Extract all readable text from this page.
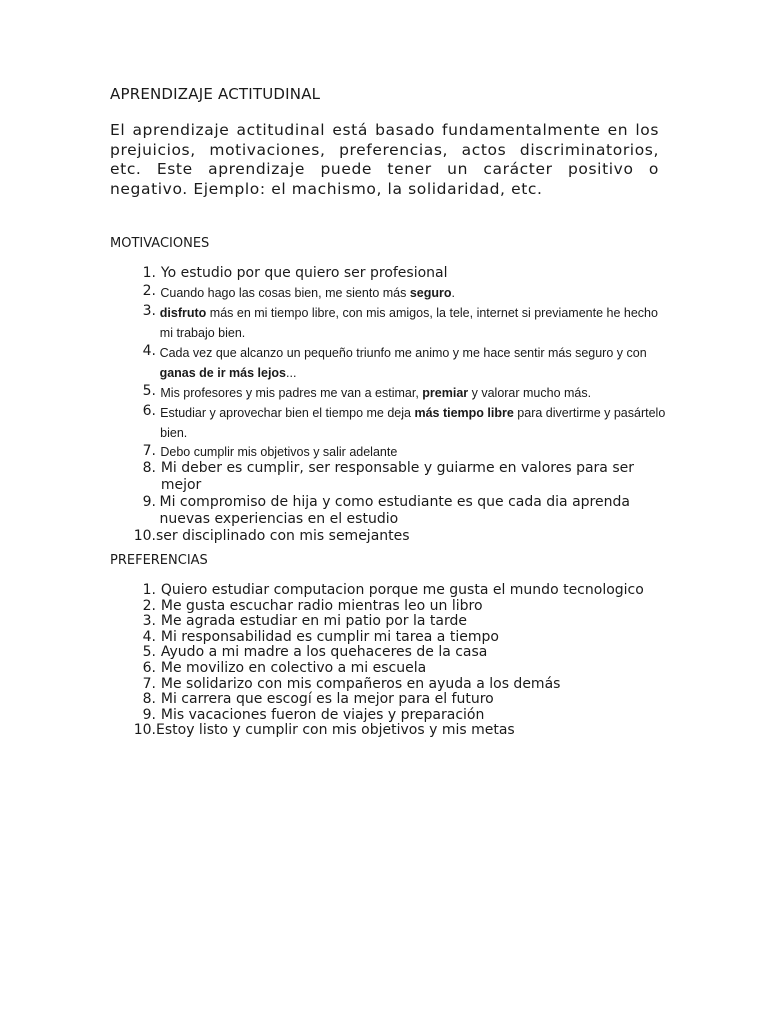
APRENDIZAJE ACTITUDINAL

El aprendizaje actitudinal está basado fundamentalmente en los prejuicios, motivaciones, preferencias, actos discriminatorios, etc. Este aprendizaje puede tener un carácter positivo o negativo. Ejemplo: el machismo, la solidaridad, etc.

MOTIVACIONES
1. Yo estudio por que quiero ser profesional
2. Cuando hago las cosas bien, me siento más seguro.
3. disfruto más en mi tiempo libre, con mis amigos, la tele, internet si previamente he hecho mi trabajo bien.
4. Cada vez que alcanzo un pequeño triunfo me animo y me hace sentir más seguro y con ganas de ir más lejos...
5. Mis profesores y mis padres me van a estimar, premiar y valorar mucho más.
6. Estudiar y aprovechar bien el tiempo me deja más tiempo libre para divertirme y pasártelo bien.
7. Debo cumplir mis objetivos y salir adelante
8. Mi deber es cumplir, ser responsable y guiarme en valores para ser mejor
9. Mi compromiso de hija y como estudiante es que cada dia aprenda nuevas experiencias en el estudio
10. ser disciplinado con mis semejantes
PREFERENCIAS
1. Quiero estudiar computacion porque me gusta el mundo tecnologico
2. Me gusta escuchar radio mientras leo un libro
3. Me agrada estudiar en mi patio por la tarde
4. Mi responsabilidad es cumplir mi tarea a tiempo
5. Ayudo a mi madre a los quehaceres de la casa
6. Me movilizo en colectivo a mi escuela
7. Me solidarizo con mis compañeros en ayuda a los demás
8. Mi carrera que escogí es la mejor para el futuro
9. Mis vacaciones fueron de viajes y preparación
10. Estoy listo y cumplir con mis objetivos y mis metas
